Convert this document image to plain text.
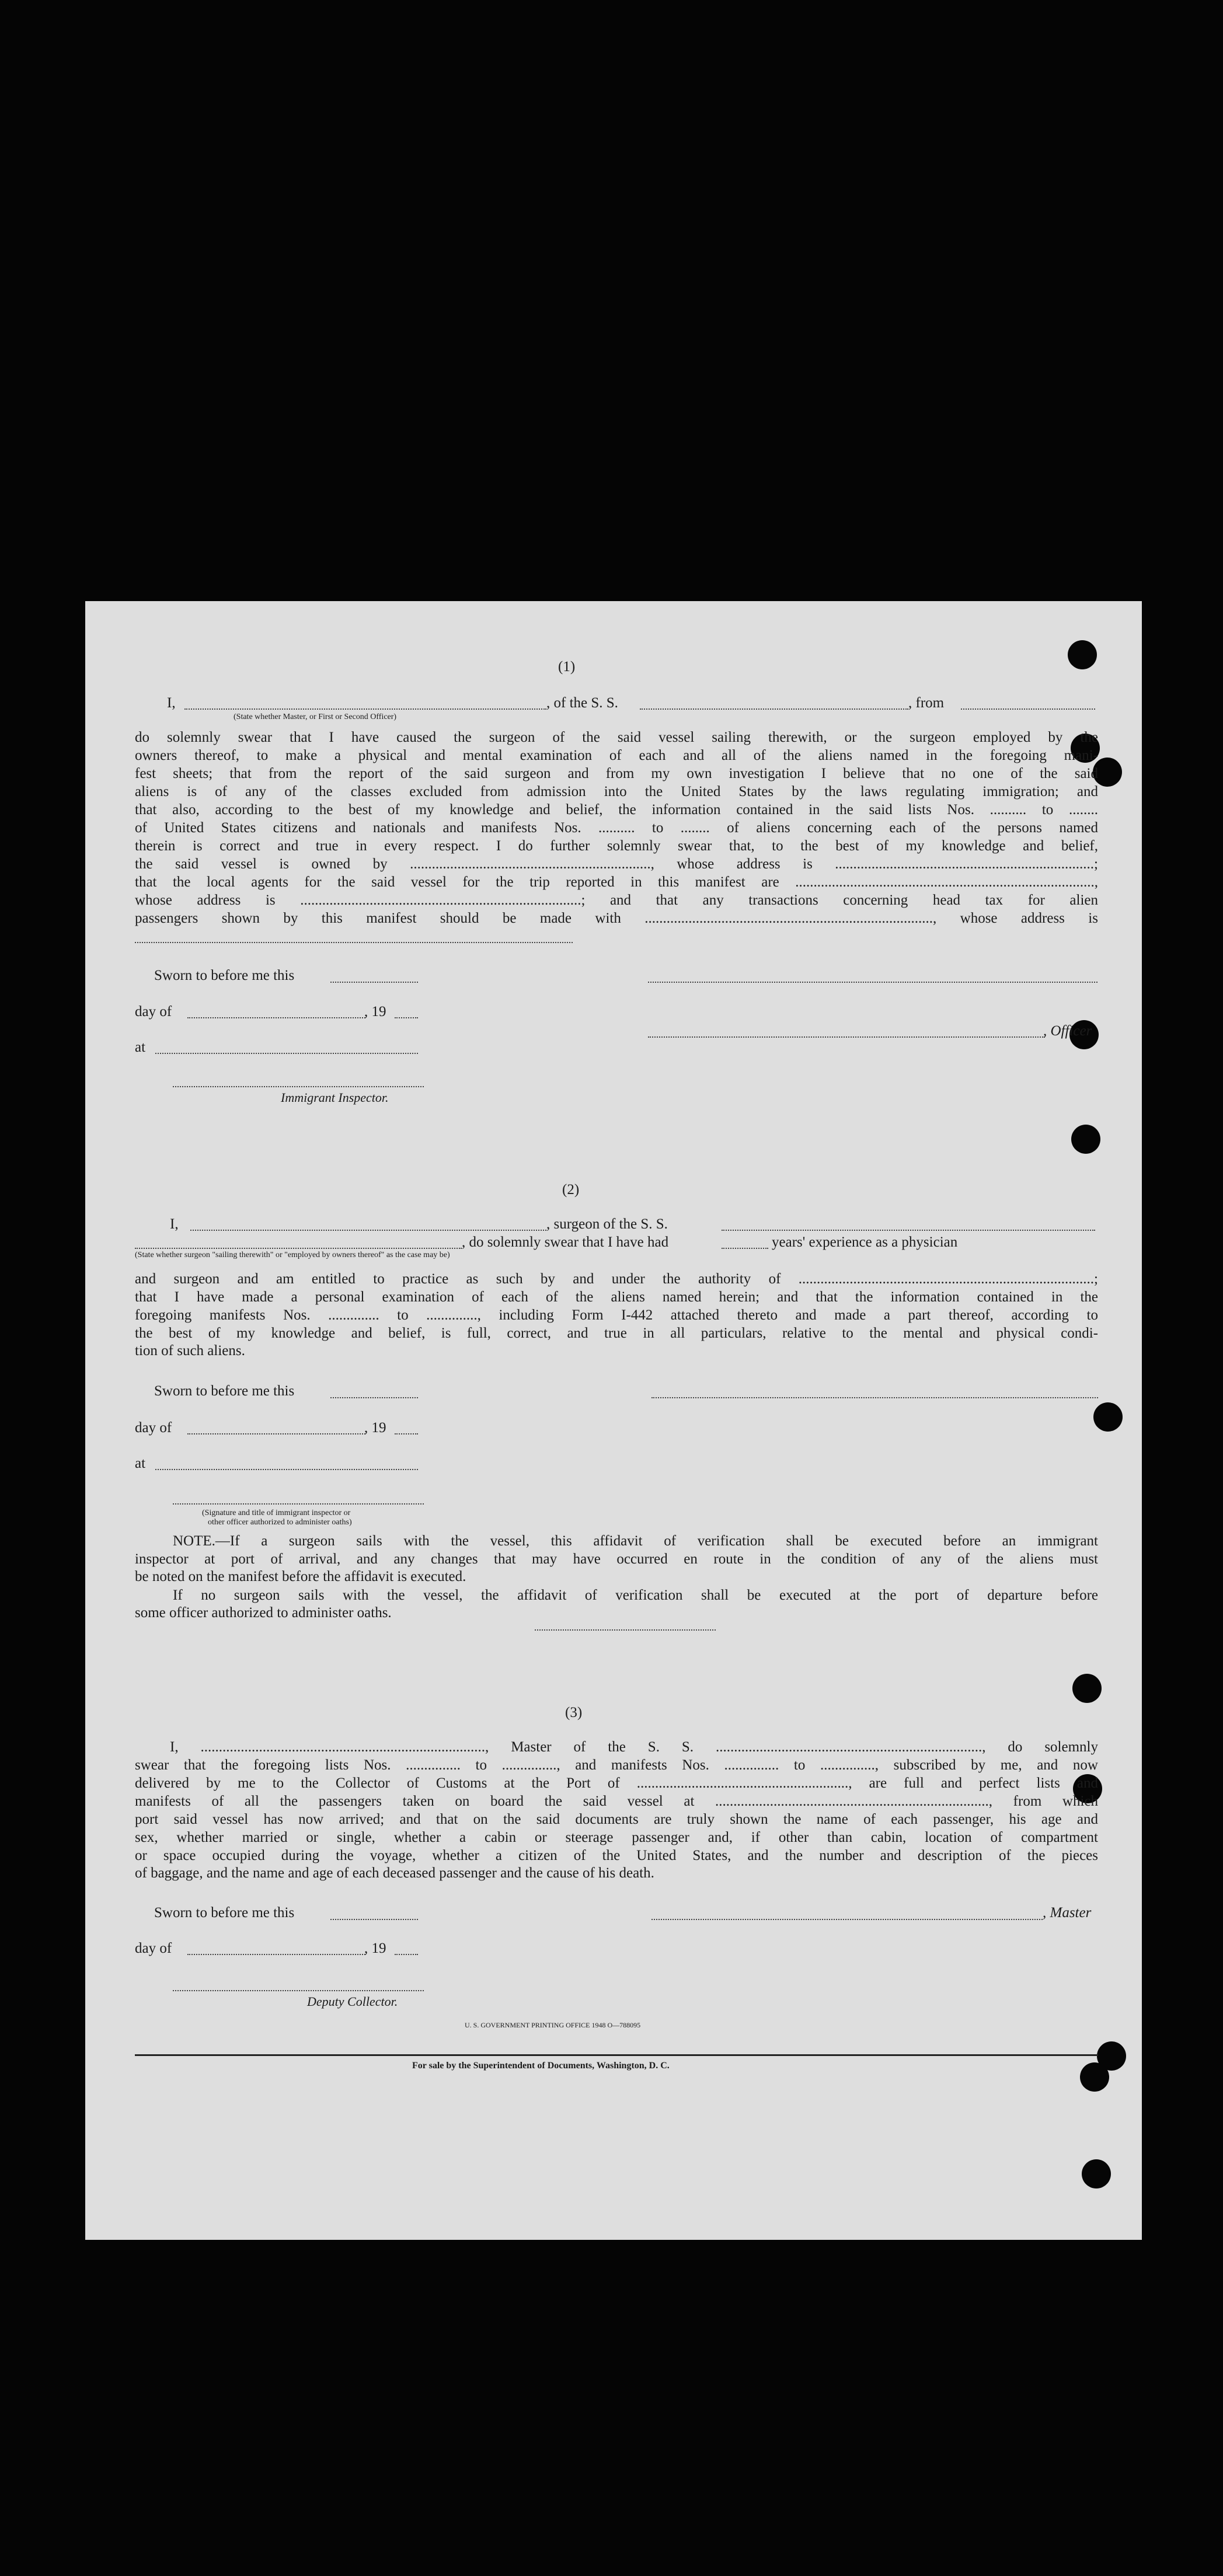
(1)
I,	, of the S. S.	, from
(State whether Master, or First or Second Officer)
do solemnly swear that I have caused the surgeon of the said vessel sailing therewith, or the surgeon employed by the
owners thereof, to make a physical and mental examination of each and all of the aliens named in the foregoing mani-
fest sheets; that from the report of the said surgeon and from my own investigation I believe that no one of the said
aliens is of any of the classes excluded from admission into the United States by the laws regulating immigration; and
that also, according to the best of my knowledge and belief, the information contained in the said lists Nos. .......... to ........
of United States citizens and nationals and manifests Nos. .......... to ........ of aliens concerning each of the persons named
therein is correct and true in every respect. I do further solemnly swear that, to the best of my knowledge and belief,
the said vessel is owned by .................................................................., whose address is .......................................................................;
that the local agents for the said vessel for the trip reported in this manifest are ..................................................................................,
whose address is .............................................................................; and that any transactions concerning head tax for alien
passengers shown by this manifest should be made with ..............................................................................., whose address is
Sworn to before me this
day of	, 19
, Officer
at
Immigrant Inspector.
(2)
I,	, surgeon of the S. S.
, do solemnly swear that I have had	years' experience as a physician
(State whether surgeon "sailing therewith" or "employed by owners thereof" as the case may be)
and surgeon and am entitled to practice as such by and under the authority of .................................................................................;
that I have made a personal examination of each of the aliens named herein; and that the information contained in the
foregoing manifests Nos. .............. to .............., including Form I-442 attached thereto and made a part thereof, according to
the best of my knowledge and belief, is full, correct, and true in all particulars, relative to the mental and physical condi-
tion of such aliens.
Sworn to before me this
day of	, 19
at
(Signature and title of immigrant inspector or
other officer authorized to administer oaths)
NOTE.—If a surgeon sails with the vessel, this affidavit of verification shall be executed before an immigrant
inspector at port of arrival, and any changes that may have occurred en route in the condition of any of the aliens must
be noted on the manifest before the affidavit is executed.
If no surgeon sails with the vessel, the affidavit of verification shall be executed at the port of departure before
some officer authorized to administer oaths.
(3)
I, .............................................................................., Master of the S. S. ........................................................................., do solemnly
swear that the foregoing lists Nos. ............... to ..............., and manifests Nos. ............... to ..............., subscribed by me, and now
delivered by me to the Collector of Customs at the Port of .........................................................., are full and perfect lists and
manifests of all the passengers taken on board the said vessel at ..........................................................................., from which
port said vessel has now arrived; and that on the said documents are truly shown the name of each passenger, his age and
sex, whether married or single, whether a cabin or steerage passenger and, if other than cabin, location of compartment
or space occupied during the voyage, whether a citizen of the United States, and the number and description of the pieces
of baggage, and the name and age of each deceased passenger and the cause of his death.
Sworn to before me this	, Master
day of	, 19
Deputy Collector.
U. S. GOVERNMENT PRINTING OFFICE 1948 O—788095
For sale by the Superintendent of Documents, Washington, D. C.
